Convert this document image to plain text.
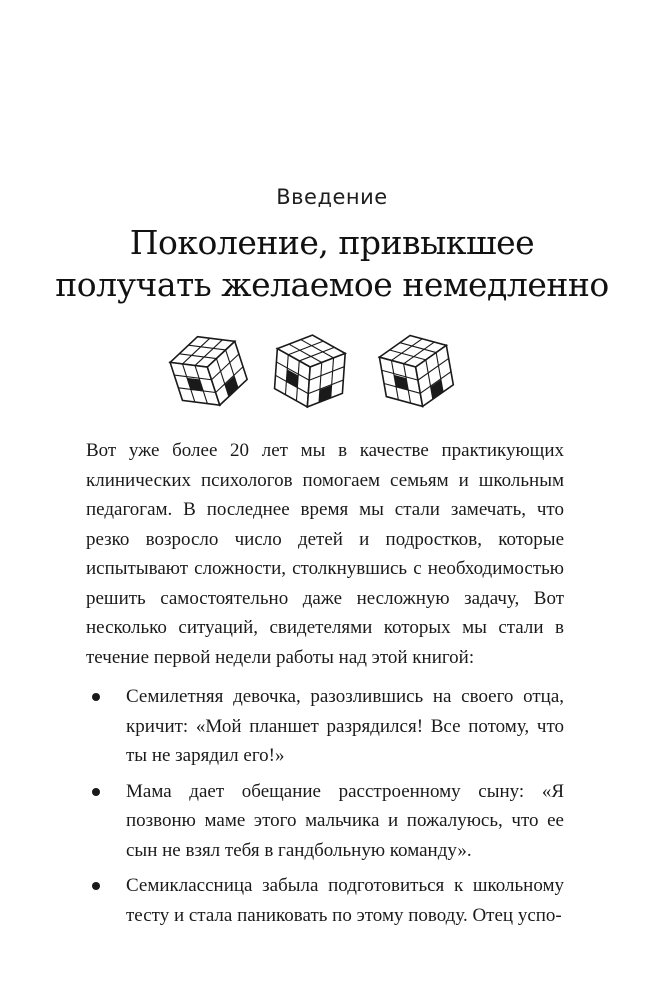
Введение
Поколение, привыкшее
получать желаемое немедленно

Вот уже более 20 лет мы в качестве практикующих клинических психологов помогаем семьям и школьным педагогам. В последнее время мы стали замечать, что резко возросло число детей и подростков, которые испытывают сложности, столкнувшись с необходимостью решить самостоятельно даже несложную задачу, Вот несколько ситуаций, свидетелями которых мы стали в течение первой недели работы над этой книгой:

Семилетняя девочка, разозлившись на своего отца, кричит: «Мой планшет разрядился! Все потому, что ты не зарядил его!»
Мама дает обещание расстроенному сыну: «Я позвоню маме этого мальчика и пожалуюсь, что ее сын не взял тебя в гандбольную команду».
Семиклассница забыла подготовиться к школьному тесту и стала паниковать по этому поводу. Отец успо-
